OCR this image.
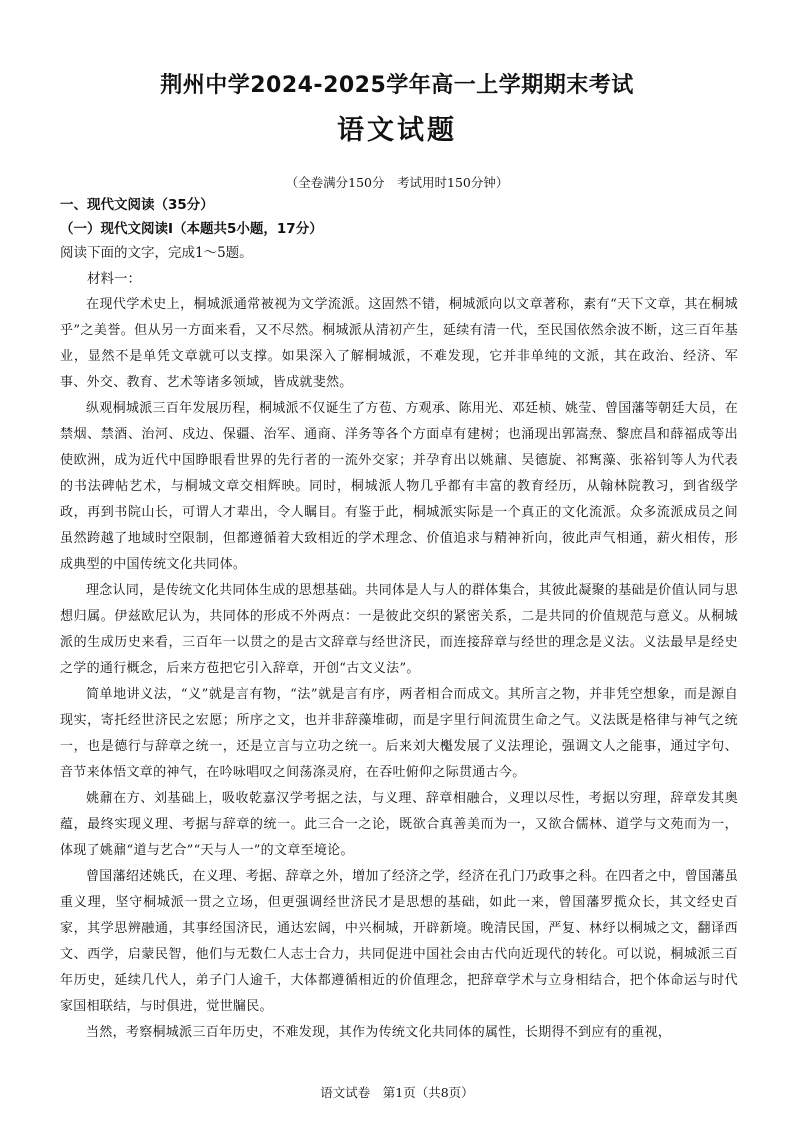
荆州中学2024-2025学年高一上学期期末考试
语文试题
（全卷满分150分　考试用时150分钟）
一、现代文阅读（35分）
（一）现代文阅读Ⅰ（本题共5小题，17分）
阅读下面的文字，完成1～5题。
材料一：

在现代学术史上，桐城派通常被视为文学流派。这固然不错，桐城派向以文章著称，素有“天下文章，其在桐城乎”之美誉。但从另一方面来看，又不尽然。桐城派从清初产生，延续有清一代，至民国依然余波不断，这三百年基业，显然不是单凭文章就可以支撑。如果深入了解桐城派，不难发现，它并非单纯的文派，其在政治、经济、军事、外交、教育、艺术等诸多领域，皆成就斐然。

纵观桐城派三百年发展历程，桐城派不仅诞生了方苞、方观承、陈用光、邓廷桢、姚莹、曾国藩等朝廷大员，在禁烟、禁酒、治河、戍边、保疆、治军、通商、洋务等各个方面卓有建树；也涌现出郭嵩焘、黎庶昌和薛福成等出使欧洲，成为近代中国睁眼看世界的先行者的一流外交家；并孕育出以姚鼐、吴德旋、祁寯藻、张裕钊等人为代表的书法碑帖艺术，与桐城文章交相辉映。同时，桐城派人物几乎都有丰富的教育经历，从翰林院教习，到省级学政，再到书院山长，可谓人才辈出，令人瞩目。有鉴于此，桐城派实际是一个真正的文化流派。众多流派成员之间虽然跨越了地域时空限制，但都遵循着大致相近的学术理念、价值追求与精神祈向，彼此声气相通，薪火相传，形成典型的中国传统文化共同体。

理念认同，是传统文化共同体生成的思想基础。共同体是人与人的群体集合，其彼此凝聚的基础是价值认同与思想归属。伊兹欧尼认为，共同体的形成不外两点：一是彼此交织的紧密关系，二是共同的价值规范与意义。从桐城派的生成历史来看，三百年一以贯之的是古文辞章与经世济民，而连接辞章与经世的理念是义法。义法最早是经史之学的通行概念，后来方苞把它引入辞章，开创“古文义法”。

简单地讲义法，“义”就是言有物，“法”就是言有序，两者相合而成文。其所言之物，并非凭空想象，而是源自现实，寄托经世济民之宏愿；所序之文，也并非辞藻堆砌，而是字里行间流贯生命之气。义法既是格律与神气之统一，也是德行与辞章之统一，还是立言与立功之统一。后来刘大櫆发展了义法理论，强调文人之能事，通过字句、音节来体悟文章的神气，在吟咏唱叹之间荡涤灵府，在吞吐俯仰之际贯通古今。

姚鼐在方、刘基础上，吸收乾嘉汉学考据之法，与义理、辞章相融合，义理以尽性，考据以穷理，辞章发其奥蕴，最终实现义理、考据与辞章的统一。此三合一之论，既欲合真善美而为一，又欲合儒林、道学与文苑而为一，体现了姚鼐“道与艺合”“天与人一”的文章至境论。

曾国藩绍述姚氏，在义理、考据、辞章之外，增加了经济之学，经济在孔门乃政事之科。在四者之中，曾国藩虽重义理，坚守桐城派一贯之立场，但更强调经世济民才是思想的基础，如此一来，曾国藩罗揽众长，其文经史百家，其学思辨融通，其事经国济民，通达宏阔，中兴桐城，开辟新境。晚清民国，严复、林纾以桐城之文，翻译西文、西学，启蒙民智，他们与无数仁人志士合力，共同促进中国社会由古代向近现代的转化。可以说，桐城派三百年历史，延续几代人，弟子门人逾千，大体都遵循相近的价值理念，把辞章学术与立身相结合，把个体命运与时代家国相联结，与时俱进，觉世牖民。

当然，考察桐城派三百年历史，不难发现，其作为传统文化共同体的属性，长期得不到应有的重视，

语文试卷　第1页（共8页）
